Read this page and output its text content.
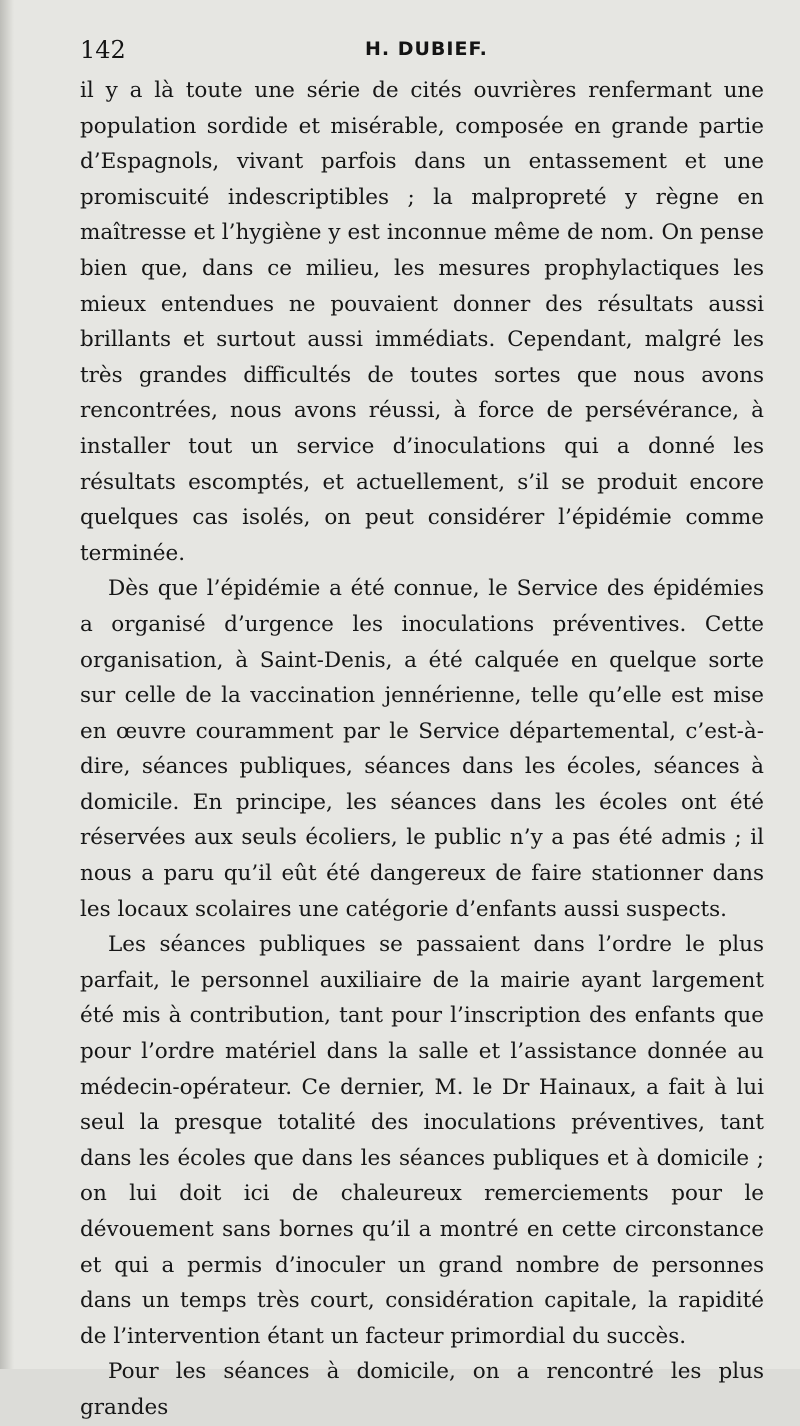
142	H. DUBIEF.

il y a là toute une série de cités ouvrières renfermant une population sordide et misérable, composée en grande partie d’Espagnols, vivant parfois dans un entassement et une promiscuité indescriptibles ; la malpropreté y règne en maîtresse et l’hygiène y est inconnue même de nom. On pense bien que, dans ce milieu, les mesures prophylactiques les mieux entendues ne pouvaient donner des résultats aussi brillants et surtout aussi immédiats. Cependant, malgré les très grandes difficultés de toutes sortes que nous avons rencontrées, nous avons réussi, à force de persévérance, à installer tout un service d’inoculations qui a donné les résultats escomptés, et actuellement, s’il se produit encore quelques cas isolés, on peut considérer l’épidémie comme terminée.

Dès que l’épidémie a été connue, le Service des épidémies a organisé d’urgence les inoculations préventives. Cette organisation, à Saint-Denis, a été calquée en quelque sorte sur celle de la vaccination jennérienne, telle qu’elle est mise en œuvre couramment par le Service départemental, c’est-à-dire, séances publiques, séances dans les écoles, séances à domicile. En principe, les séances dans les écoles ont été réservées aux seuls écoliers, le public n’y a pas été admis ; il nous a paru qu’il eût été dangereux de faire stationner dans les locaux scolaires une catégorie d’enfants aussi suspects.

Les séances publiques se passaient dans l’ordre le plus parfait, le personnel auxiliaire de la mairie ayant largement été mis à contribution, tant pour l’inscription des enfants que pour l’ordre matériel dans la salle et l’assistance donnée au médecin-opérateur. Ce dernier, M. le Dr Hainaux, a fait à lui seul la presque totalité des inoculations préventives, tant dans les écoles que dans les séances publiques et à domicile ; on lui doit ici de chaleureux remerciements pour le dévouement sans bornes qu’il a montré en cette circonstance et qui a permis d’inoculer un grand nombre de personnes dans un temps très court, considération capitale, la rapidité de l’intervention étant un facteur primordial du succès.

Pour les séances à domicile, on a rencontré les plus grandes
